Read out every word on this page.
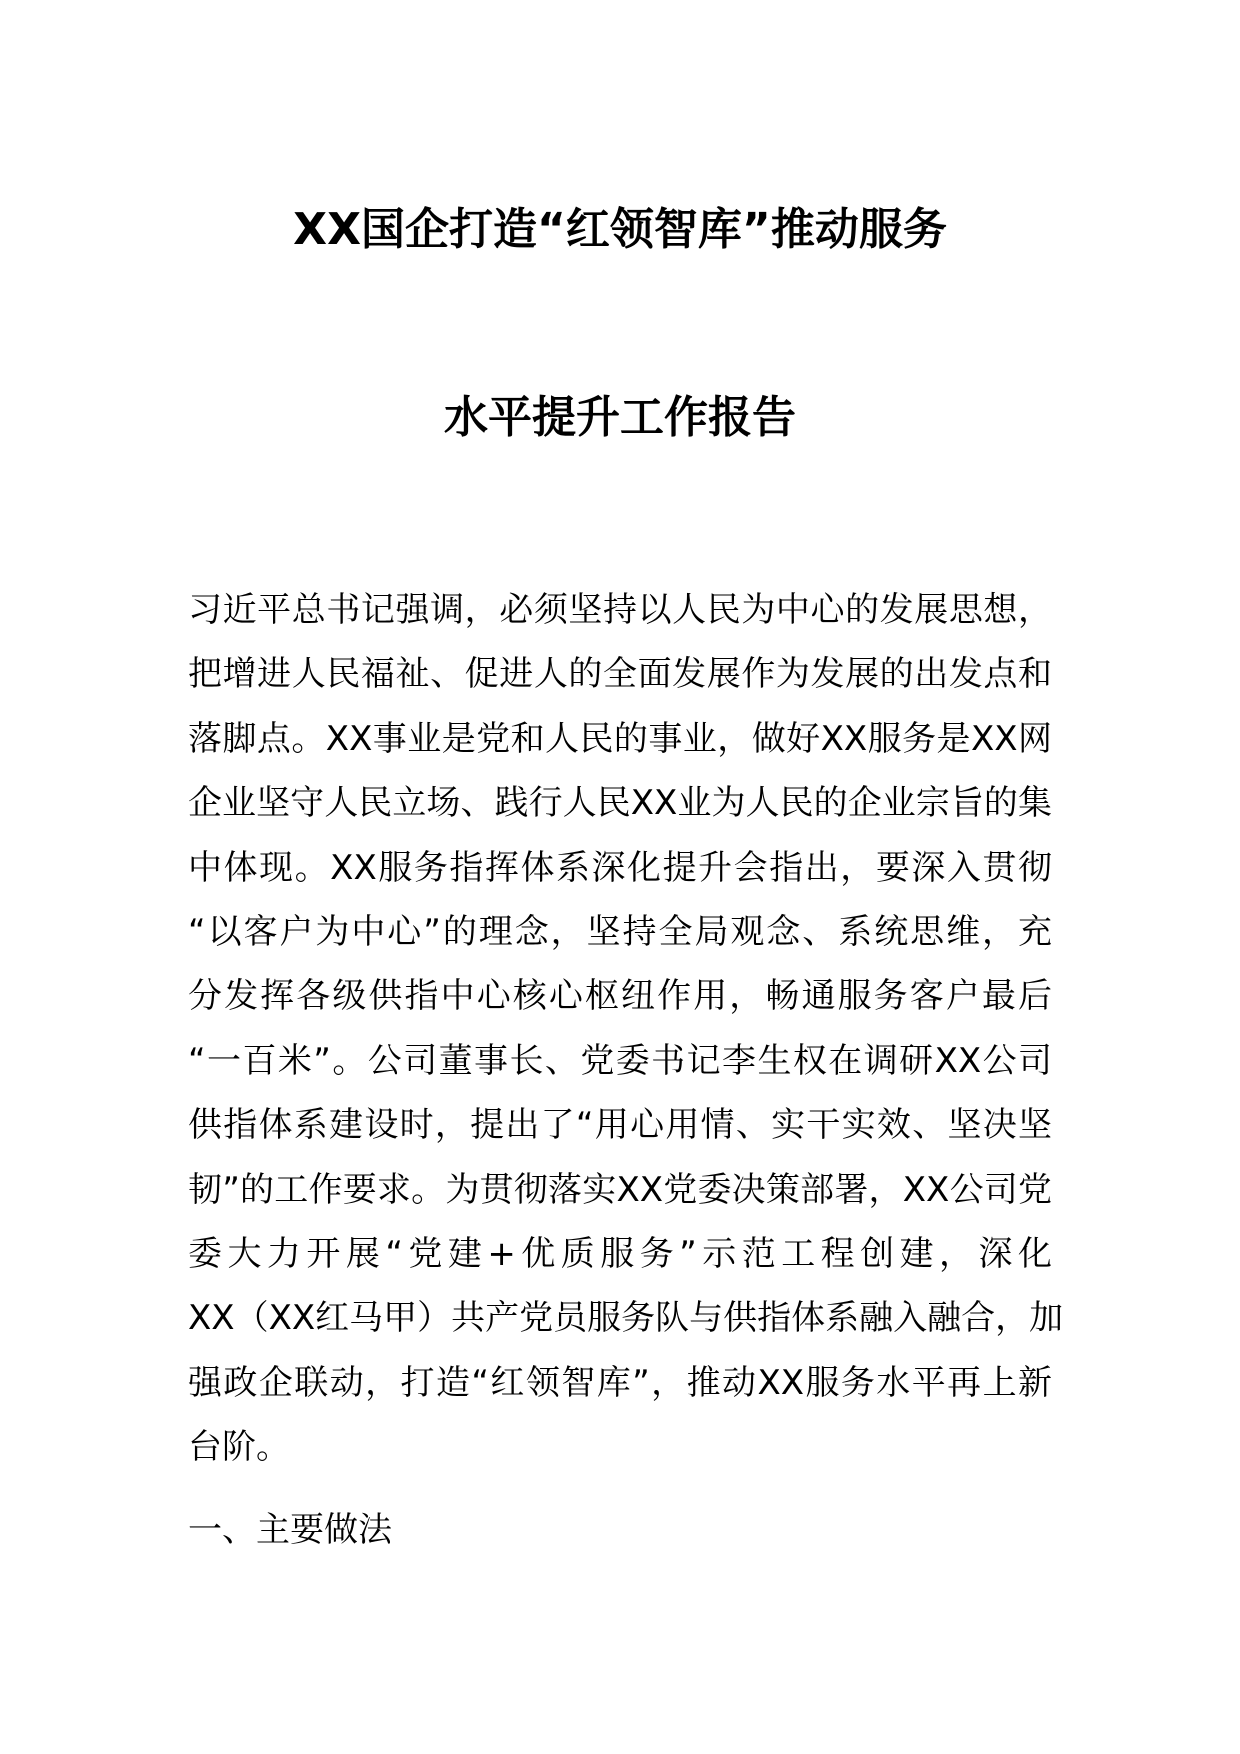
XX国企打造“红领智库”推动服务
水平提升工作报告
习近平总书记强调，必须坚持以人民为中心的发展思想，
把增进人民福祉、促进人的全面发展作为发展的出发点和
落脚点。XX事业是党和人民的事业，做好XX服务是XX网
企业坚守人民立场、践行人民XX业为人民的企业宗旨的集
中体现。XX服务指挥体系深化提升会指出，要深入贯彻
“以客户为中心”的理念，坚持全局观念、系统思维，充
分发挥各级供指中心核心枢纽作用，畅通服务客户最后
“一百米”。公司董事长、党委书记李生权在调研XX公司
供指体系建设时，提出了“用心用情、实干实效、坚决坚
韧”的工作要求。为贯彻落实XX党委决策部署，XX公司党
委大力开展“党建+优质服务”示范工程创建，深化
XX（XX红马甲）共产党员服务队与供指体系融入融合，加
强政企联动，打造“红领智库”，推动XX服务水平再上新
台阶。
一、主要做法
